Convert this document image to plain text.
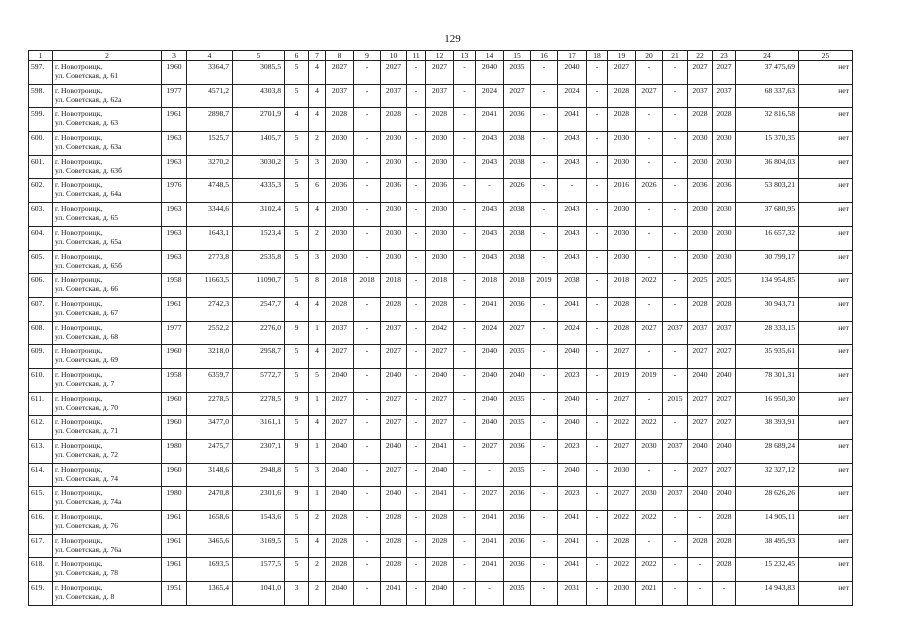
129
1	2	3	4	5	6	7	8	9	10	11	12	13	14	15	16	17	18	19	20	21	22	23	24	25
597.	г. Новотроицк,
ул. Советская, д. 61	1960	3364,7	3085,5	5	4	2027	-	2027	-	2027	-	2040	2035	-	2040	-	2027	-	-	2027	2027	37 475,69	нет
598.	г. Новотроицк,
ул. Советская, д. 62а	1977	4571,2	4303,8	5	4	2037	-	2037	-	2037	-	2024	2027	-	2024	-	2028	2027	-	2037	2037	68 337,63	нет
599.	г. Новотроицк,
ул. Советская, д. 63	1961	2898,7	2701,9	4	4	2028	-	2028	-	2028	-	2041	2036	-	2041	-	2028	-	-	2028	2028	32 816,58	нет
600.	г. Новотроицк,
ул. Советская, д. 63а	1963	1525,7	1405,7	5	2	2030	-	2030	-	2030	-	2043	2038	-	2043	-	2030	-	-	2030	2030	15 370,35	нет
601.	г. Новотроицк,
ул. Советская, д. 63б	1963	3270,2	3030,2	5	3	2030	-	2030	-	2030	-	2043	2038	-	2043	-	2030	-	-	2030	2030	36 804,03	нет
602.	г. Новотроицк,
ул. Советская, д. 64а	1976	4748,5	4335,3	5	6	2036	-	2036	-	2036	-	-	2026	-	-	-	2016	2026	-	2036	2036	53 803,21	нет
603.	г. Новотроицк,
ул. Советская, д. 65	1963	3344,6	3102,4	5	4	2030	-	2030	-	2030	-	2043	2038	-	2043	-	2030	-	-	2030	2030	37 680,95	нет
604.	г. Новотроицк,
ул. Советская, д. 65а	1963	1643,1	1523,4	5	2	2030	-	2030	-	2030	-	2043	2038	-	2043	-	2030	-	-	2030	2030	16 657,32	нет
605.	г. Новотроицк,
ул. Советская, д. 65б	1963	2773,8	2535,8	5	3	2030	-	2030	-	2030	-	2043	2038	-	2043	-	2030	-	-	2030	2030	30 799,17	нет
606.	г. Новотроицк,
ул. Советская, д. 66	1958	11663,5	11090,7	5	8	2018	2018	2018	-	2018	-	2018	2018	2019	2038	-	2018	2022	-	2025	2025	134 954,85	нет
607.	г. Новотроицк,
ул. Советская, д. 67	1961	2742,3	2547,7	4	4	2028	-	2028	-	2028	-	2041	2036	-	2041	-	2028	-	-	2028	2028	30 943,71	нет
608.	г. Новотроицк,
ул. Советская, д. 68	1977	2552,2	2276,0	9	1	2037	-	2037	-	2042	-	2024	2027	-	2024	-	2028	2027	2037	2037	2037	28 333,15	нет
609.	г. Новотроицк,
ул. Советская, д. 69	1960	3218,0	2958,7	5	4	2027	-	2027	-	2027	-	2040	2035	-	2040	-	2027	-	-	2027	2027	35 935,61	нет
610.	г. Новотроицк,
ул. Советская, д. 7	1958	6359,7	5772,7	5	5	2040	-	2040	-	2040	-	2040	2040	-	2023	-	2019	2019	-	2040	2040	78 301,31	нет
611.	г. Новотроицк,
ул. Советская, д. 70	1960	2278,5	2278,5	9	1	2027	-	2027	-	2027	-	2040	2035	-	2040	-	2027	-	2015	2027	2027	16 950,30	нет
612.	г. Новотроицк,
ул. Советская, д. 71	1960	3477,0	3161,1	5	4	2027	-	2027	-	2027	-	2040	2035	-	2040	-	2022	2022	-	2027	2027	38 393,91	нет
613.	г. Новотроицк,
ул. Советская, д. 72	1980	2475,7	2307,1	9	1	2040	-	2040	-	2041	-	2027	2036	-	2023	-	2027	2030	2037	2040	2040	28 689,24	нет
614.	г. Новотроицк,
ул. Советская, д. 74	1960	3148,6	2948,8	5	3	2040	-	2027	-	2040	-	-	2035	-	2040	-	2030	-	-	2027	2027	32 327,12	нет
615.	г. Новотроицк,
ул. Советская, д. 74а	1980	2470,8	2301,6	9	1	2040	-	2040	-	2041	-	2027	2036	-	2023	-	2027	2030	2037	2040	2040	28 626,26	нет
616.	г. Новотроицк,
ул. Советская, д. 76	1961	1658,6	1543,6	5	2	2028	-	2028	-	2028	-	2041	2036	-	2041	-	2022	2022	-	-	2028	14 905,11	нет
617.	г. Новотроицк,
ул. Советская, д. 76а	1961	3465,6	3169,5	5	4	2028	-	2028	-	2028	-	2041	2036	-	2041	-	2028	-	-	2028	2028	38 495,93	нет
618.	г. Новотроицк,
ул. Советская, д. 78	1961	1693,5	1577,5	5	2	2028	-	2028	-	2028	-	2041	2036	-	2041	-	2022	2022	-	-	2028	15 232,45	нет
619.	г. Новотроицк,
ул. Советская, д. 8	1951	1365,4	1041,0	3	2	2040	-	2041	-	2040	-	-	2035	-	2031	-	2030	2021	-	-	-	14 943,83	нет
